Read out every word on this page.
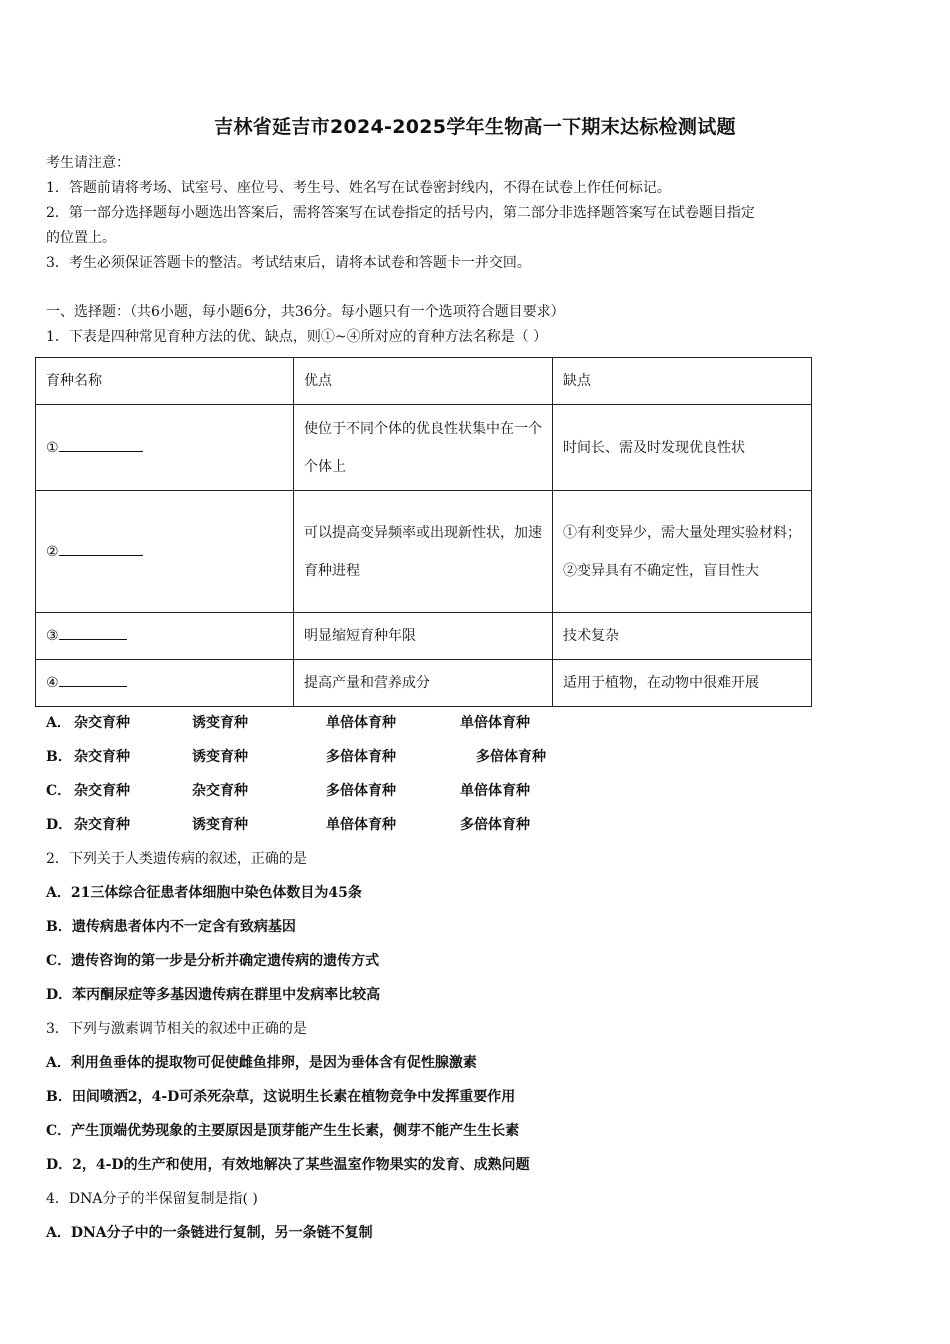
吉林省延吉市2024-2025学年生物高一下期末达标检测试题
考生请注意：
1．答题前请将考场、试室号、座位号、考生号、姓名写在试卷密封线内，不得在试卷上作任何标记。
2．第一部分选择题每小题选出答案后，需将答案写在试卷指定的括号内，第二部分非选择题答案写在试卷题目指定
的位置上。
3．考生必须保证答题卡的整洁。考试结束后，请将本试卷和答题卡一并交回。
一、选择题：（共6小题，每小题6分，共36分。每小题只有一个选项符合题目要求）
1．下表是四种常见育种方法的优、缺点，则①~④所对应的育种方法名称是（ ）
育种名称	优点	缺点
①	使位于不同个体的优良性状集中在一个个体上	时间长、需及时发现优良性状
②	可以提高变异频率或出现新性状，加速育种进程	①有利变异少，需大量处理实验材料；②变异具有不确定性，盲目性大
③	明显缩短育种年限	技术复杂
④	提高产量和营养成分	适用于植物，在动物中很难开展
A． 杂交育种	诱变育种	单倍体育种	单倍体育种
B． 杂交育种	诱变育种	多倍体育种	多倍体育种
C． 杂交育种	杂交育种	多倍体育种	单倍体育种
D． 杂交育种	诱变育种	单倍体育种	多倍体育种
2．下列关于人类遗传病的叙述，正确的是
A．21三体综合征患者体细胞中染色体数目为45条
B．遗传病患者体内不一定含有致病基因
C．遗传咨询的第一步是分析并确定遗传病的遗传方式
D．苯丙酮尿症等多基因遗传病在群里中发病率比较高
3．下列与激素调节相关的叙述中正确的是
A．利用鱼垂体的提取物可促使雌鱼排卵，是因为垂体含有促性腺激素
B．田间喷洒2，4-D可杀死杂草，这说明生长素在植物竞争中发挥重要作用
C．产生顶端优势现象的主要原因是顶芽能产生生长素，侧芽不能产生生长素
D．2，4-D的生产和使用，有效地解决了某些温室作物果实的发育、成熟问题
4．DNA分子的半保留复制是指( )
A．DNA分子中的一条链进行复制，另一条链不复制
